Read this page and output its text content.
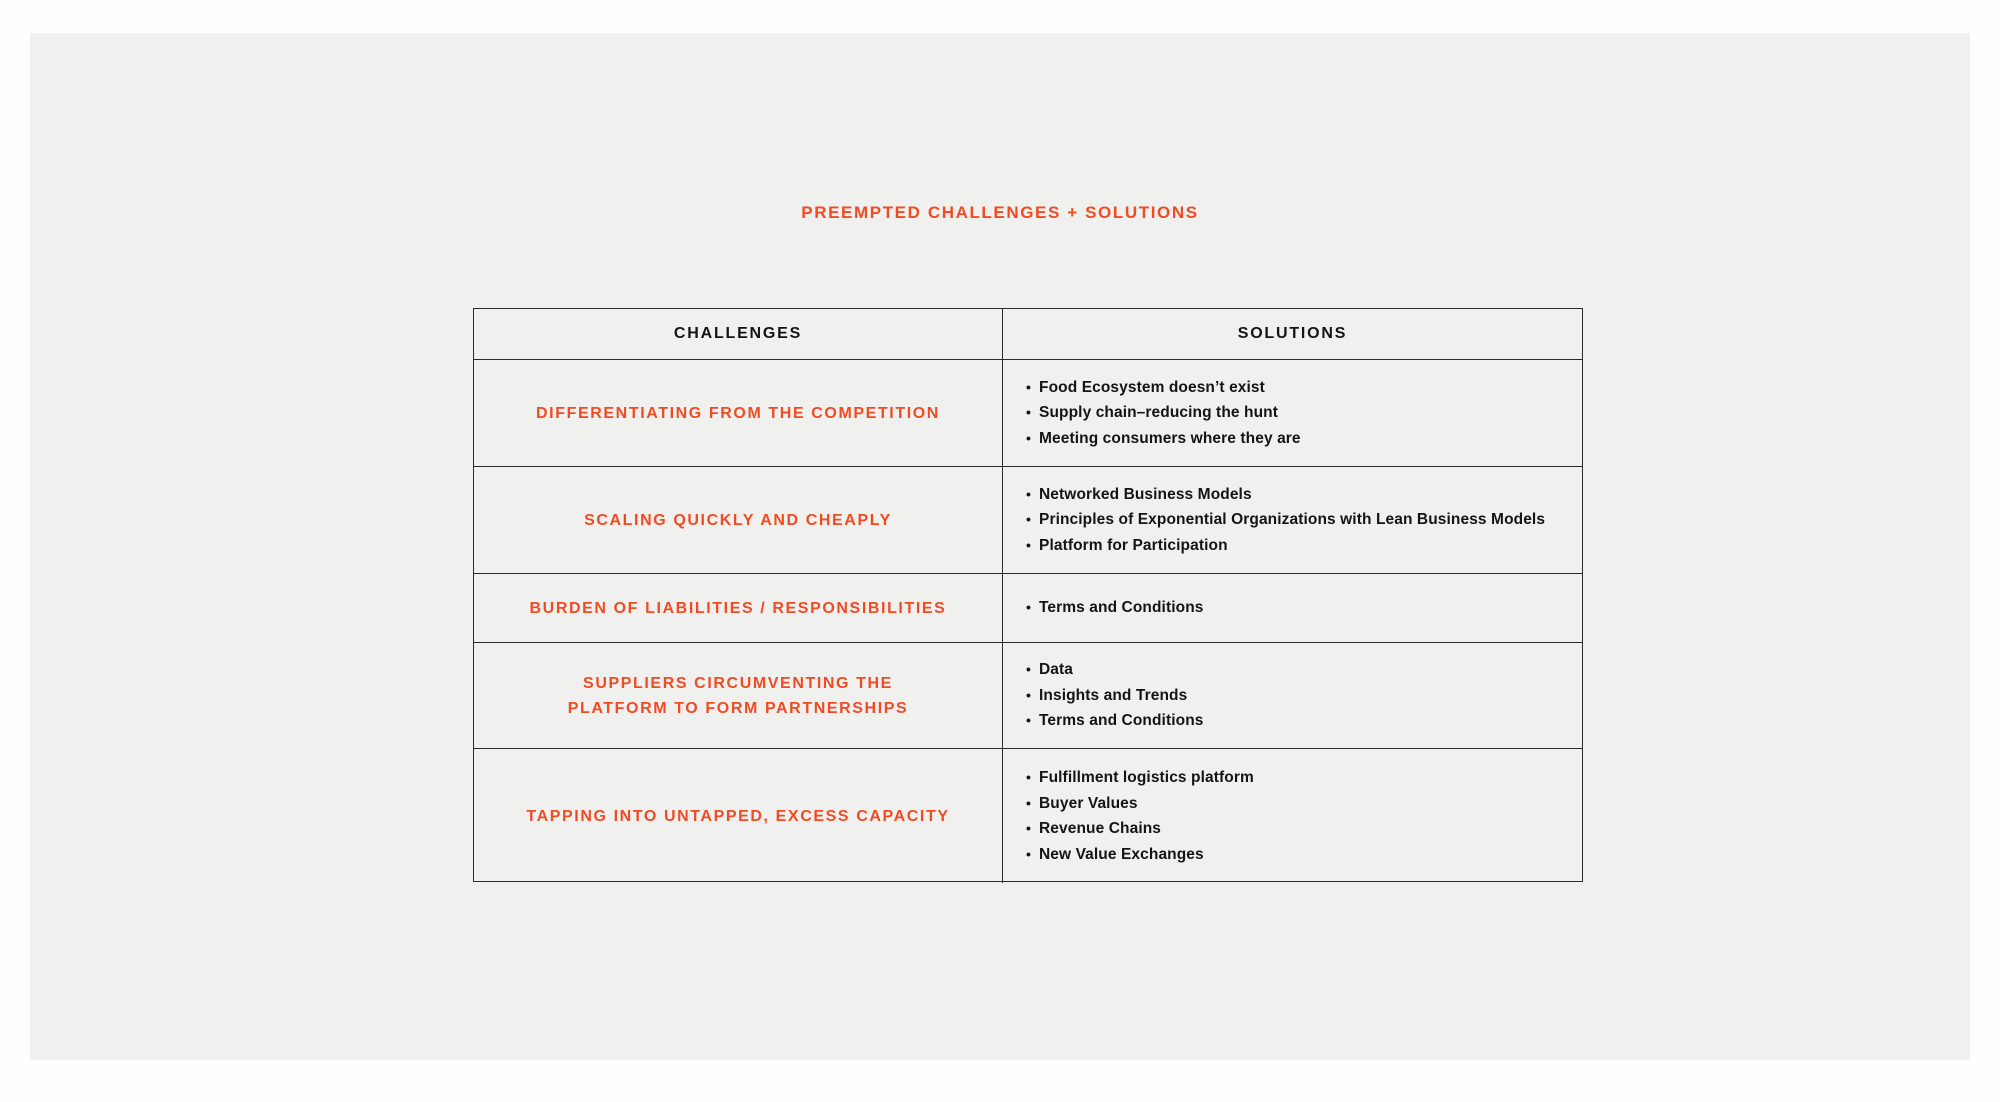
PREEMPTED CHALLENGES + SOLUTIONS
CHALLENGES	SOLUTIONS
DIFFERENTIATING FROM THE COMPETITION
• Food Ecosystem doesn’t exist
• Supply chain–reducing the hunt
• Meeting consumers where they are
SCALING QUICKLY AND CHEAPLY
• Networked Business Models
• Principles of Exponential Organizations with Lean Business Models
• Platform for Participation
BURDEN OF LIABILITIES / RESPONSIBILITIES	• Terms and Conditions
SUPPLIERS CIRCUMVENTING THE
PLATFORM TO FORM PARTNERSHIPS
• Data
• Insights and Trends
• Terms and Conditions
TAPPING INTO UNTAPPED, EXCESS CAPACITY
• Fulfillment logistics platform
• Buyer Values
• Revenue Chains
• New Value Exchanges
